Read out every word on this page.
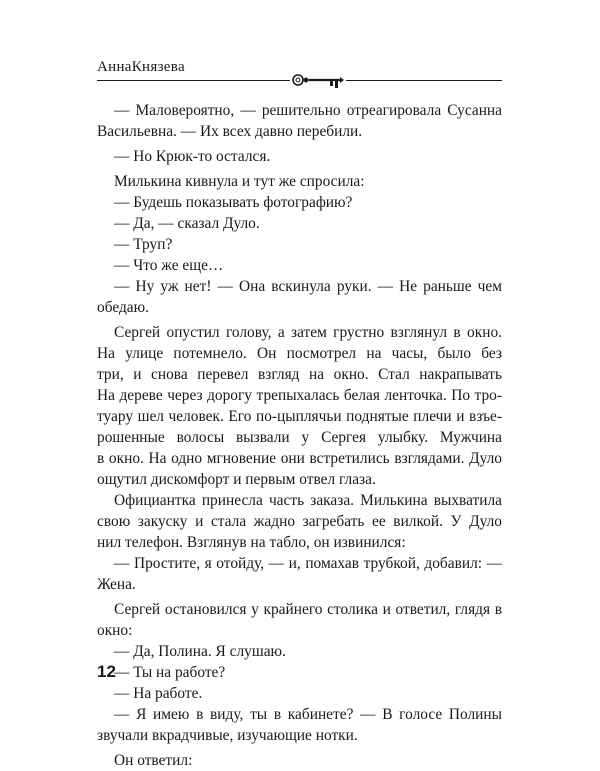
АннаКнязева
— Маловероятно, — решительно отреагировала Сусанна
Васильевна. — Их всех давно перебили.
— Но Крюк-то остался.
Милькина кивнула и тут же спросила:
— Будешь показывать фотографию?
— Да, — сказал Дуло.
— Труп?
— Что же еще…
— Ну уж нет! — Она вскинула руки. — Не раньше чем
обедаю.
Сергей опустил голову, а затем грустно взглянул в окно.
На улице потемнело. Он посмотрел на часы, было без
три, и снова перевел взгляд на окно. Стал накрапывать
На дереве через дорогу трепыхалась белая ленточка. По тро-
туару шел человек. Его по-цыплячьи поднятые плечи и взъе-
рошенные волосы вызвали у Сергея улыбку. Мужчина
в окно. На одно мгновение они встретились взглядами. Дуло
ощутил дискомфорт и первым отвел глаза.
Официантка принесла часть заказа. Милькина выхватила
свою закуску и стала жадно загребать ее вилкой. У Дуло
нил телефон. Взглянув на табло, он извинился:
— Простите, я отойду, — и, помахав трубкой, добавил: —
Жена.
Сергей остановился у крайнего столика и ответил, глядя в
окно:
— Да, Полина. Я слушаю.
— Ты на работе?
— На работе.
— Я имею в виду, ты в кабинете? — В голосе Полины
звучали вкрадчивые, изучающие нотки.
Он ответил:
12
